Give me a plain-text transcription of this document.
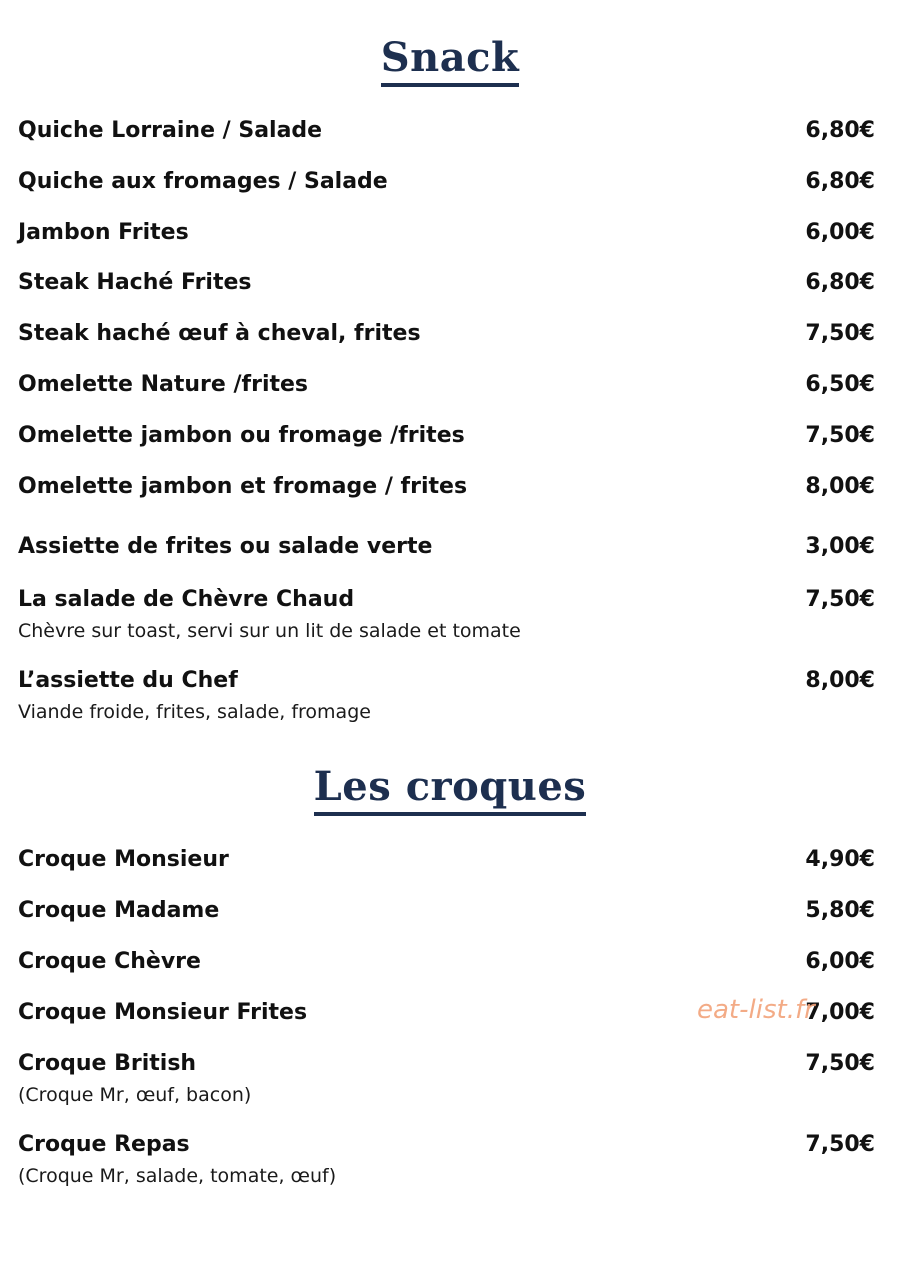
Snack
Quiche Lorraine / Salade	6,80€
Quiche aux fromages / Salade	6,80€
Jambon Frites	6,00€
Steak Haché Frites	6,80€
Steak haché œuf à cheval, frites	7,50€
Omelette Nature /frites	6,50€
Omelette jambon ou fromage /frites	7,50€
Omelette jambon et fromage / frites	8,00€
Assiette de frites ou salade verte	3,00€
La salade de Chèvre Chaud	7,50€
Chèvre sur toast, servi sur un lit de salade et tomate
L’assiette du Chef	8,00€
Viande froide, frites, salade, fromage
Les croques
Croque Monsieur	4,90€
Croque Madame	5,80€
Croque Chèvre	6,00€
Croque Monsieur Frites	7,00€
Croque British	7,50€
(Croque Mr, œuf, bacon)
Croque Repas	7,50€
(Croque Mr, salade, tomate, œuf)
eat-list.fr
